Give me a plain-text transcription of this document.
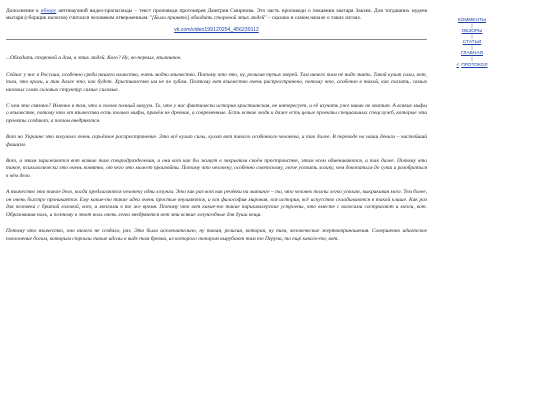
Дополнение к обзору антинаучной видео-пропаганды – текст проповеди протоиерея Дмитрия Смирнова. Это часть проповеди о покаянии мытаря Закхея. Для тогдашних иудеев мытаря (сборщик налогов) считался человеком отверженным. "[Было принято] обходить стороной этих людей" – сказано в самом начале о таких изгоях.

vk.com/video199120254_456239112

...Обходить стороной и дом, и этих людей. Кого? Ну, во-первых, язычников.

Сейчас у нас в Россиии, особенно среди нашего воинства, очень модно язычество. Потому что это, ну, религия тупых зверей. Там ничего там не надо знать. Такой культ силы, вот, там, это враги, и так далее это, как будет. Христианство им не по зубам. Поэтому вот язычество очень распространено, потому что, особенно в такой, как сказать, самых низовых слоях силовых структур самые силовые.

С чем это связано? Именно в том, что в голове полный вакуум. То, что у нас фактически история христианская, не интересует, и её изучать уже никак не хватит. А всякие мифы о язычестве, потому что от язычества есть только мифы, причём не древние, а современные. Есть всякие люди и даже есть целые проекты специальных спецслужб, которые эти проекты создают, а потом внедряются.

Вот на Украине это получило очень серьёзное распространение. Это всё культ силы, культ вот такого особенного человека, и так далее. В переводе на наши деньги – чистейший фашизм.

Вот, и этим заражаются вот всякие там спецподразделения, и они вот как бы живут в закрытом своём пространстве, этим всем обмениваются, и так далее. Потому что такое, психологически это очень понятно, от чего это может произойти. Потому что человеку, особенно советскому, легче усвоить логику, чем докопаться до сути и разобраться в чём дело.

А язычество это такое дело, когда предлагаются человеку одни лозунги. Это как раз вот как речёвки на митинге – то, что человек толпы легко усвоит, выкрикивая мозг. Тем более, он очень быстро проникается. Ему какие-то такие идеи очень простые внушаются, и вся философия мировая, вся история, всё искусство складываются в такой клише. Как раз для человека с бритой головой, вот, и мозгами в то же время. Потому что вот какие-то такие парикмахерские устроены, что вместе с волосами состригают и мозги, вот. Образования ноль, и поэтому в этот ноль очень легко внедряются вот эти всякие лозунгобные для души вещи.

Потому что язычество, оно ничего не создало, раз. Это была исключительно, ну такая, религия, которая, ну там, человеческие жертвоприношения. Совершенно идиотское поклонение богам, которым строили такие идолы в виде там бревна, из которого топором вырубают там то Перуна, то ещё какого-то, вот.

КОММЕНТЫ
|
ОБЗОРЫ
|
СТАТЬИ
|
ГЛАВНАЯ
|
< ПРОТОКОЛ
